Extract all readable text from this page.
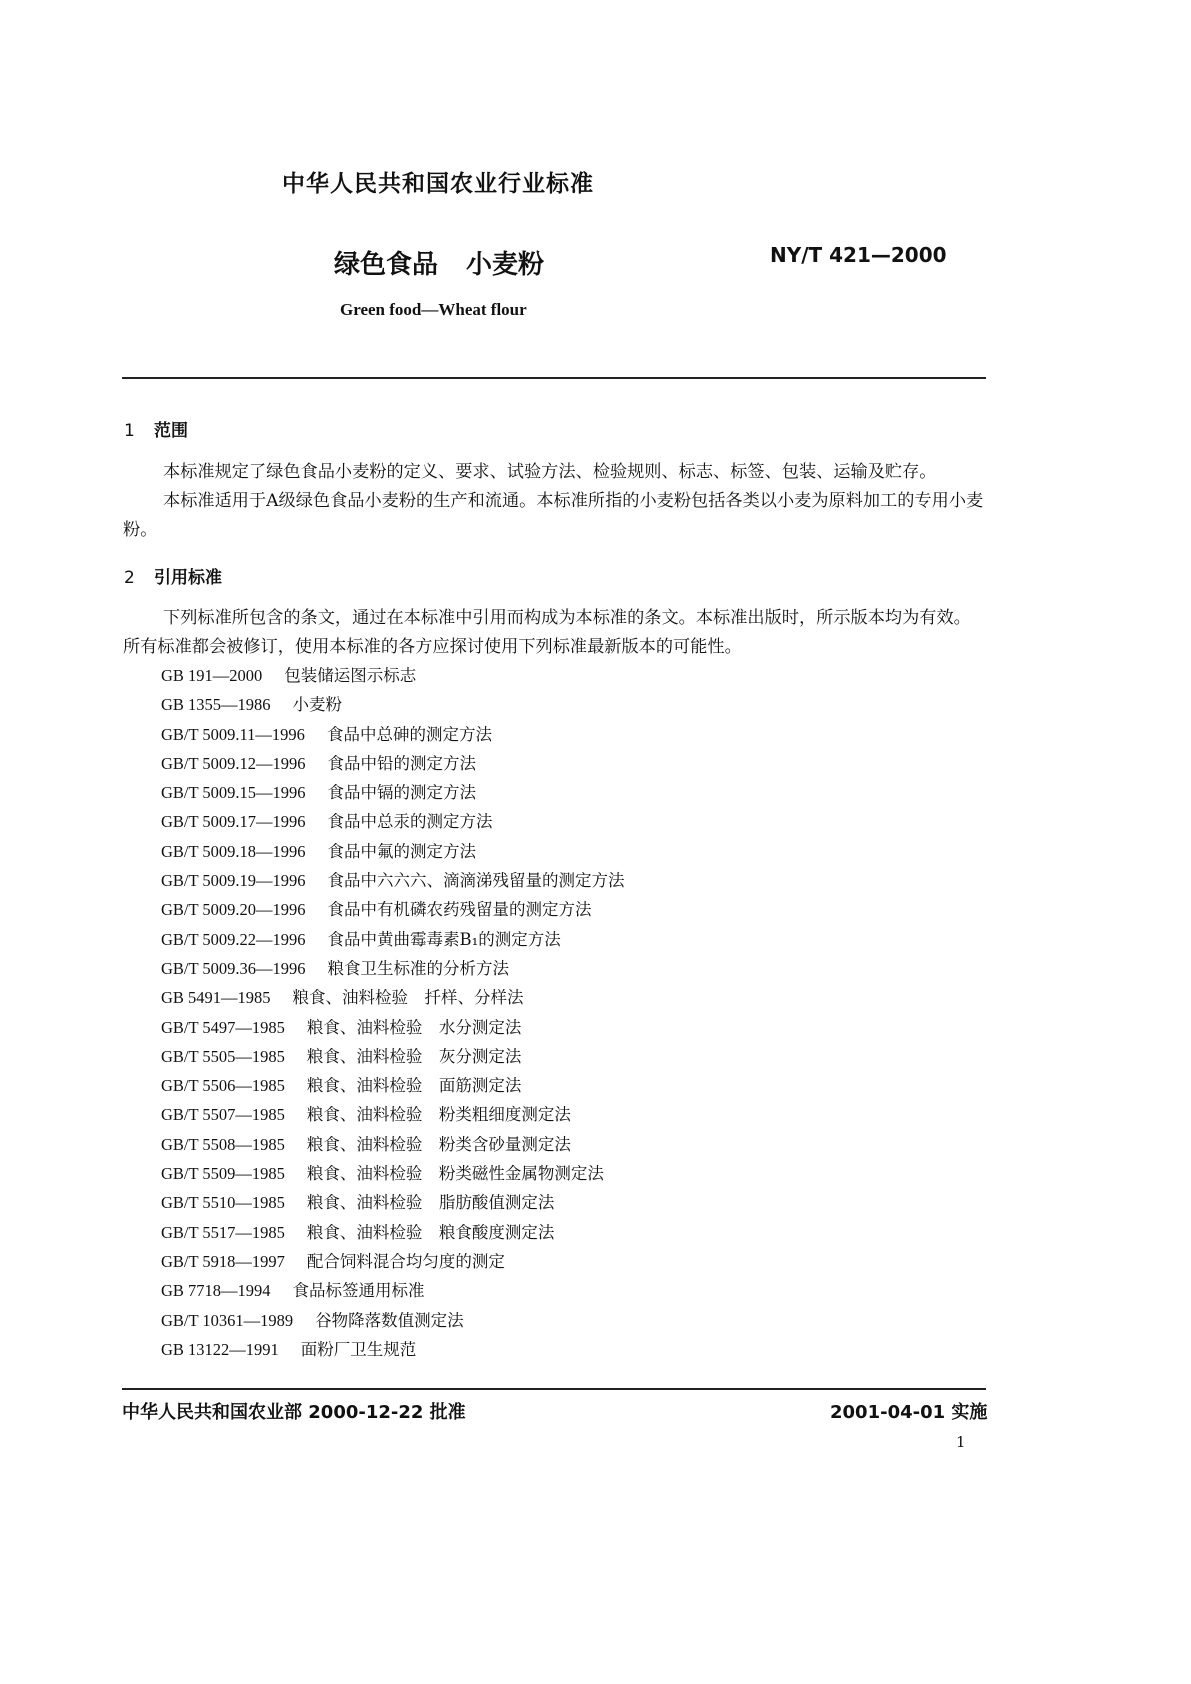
中华人民共和国农业行业标准
绿色食品 小麦粉	NY/T 421—2000
Green food—Wheat flour
1 范围
本标准规定了绿色食品小麦粉的定义、要求、试验方法、检验规则、标志、标签、包装、运输及贮存。
本标准适用于A级绿色食品小麦粉的生产和流通。本标准所指的小麦粉包括各类以小麦为原料加工的专用小麦粉。
2 引用标准
下列标准所包含的条文，通过在本标准中引用而构成为本标准的条文。本标准出版时，所示版本均为有效。所有标准都会被修订，使用本标准的各方应探讨使用下列标准最新版本的可能性。
GB 191—2000 包装储运图示标志
GB 1355—1986 小麦粉
GB/T 5009.11—1996 食品中总砷的测定方法
GB/T 5009.12—1996 食品中铅的测定方法
GB/T 5009.15—1996 食品中镉的测定方法
GB/T 5009.17—1996 食品中总汞的测定方法
GB/T 5009.18—1996 食品中氟的测定方法
GB/T 5009.19—1996 食品中六六六、滴滴涕残留量的测定方法
GB/T 5009.20—1996 食品中有机磷农药残留量的测定方法
GB/T 5009.22—1996 食品中黄曲霉毒素B₁的测定方法
GB/T 5009.36—1996 粮食卫生标准的分析方法
GB 5491—1985 粮食、油料检验　扦样、分样法
GB/T 5497—1985 粮食、油料检验　水分测定法
GB/T 5505—1985 粮食、油料检验　灰分测定法
GB/T 5506—1985 粮食、油料检验　面筋测定法
GB/T 5507—1985 粮食、油料检验　粉类粗细度测定法
GB/T 5508—1985 粮食、油料检验　粉类含砂量测定法
GB/T 5509—1985 粮食、油料检验　粉类磁性金属物测定法
GB/T 5510—1985 粮食、油料检验　脂肪酸值测定法
GB/T 5517—1985 粮食、油料检验　粮食酸度测定法
GB/T 5918—1997 配合饲料混合均匀度的测定
GB 7718—1994 食品标签通用标准
GB/T 10361—1989 谷物降落数值测定法
GB 13122—1991 面粉厂卫生规范
中华人民共和国农业部 2000-12-22 批准	2001-04-01 实施
1
